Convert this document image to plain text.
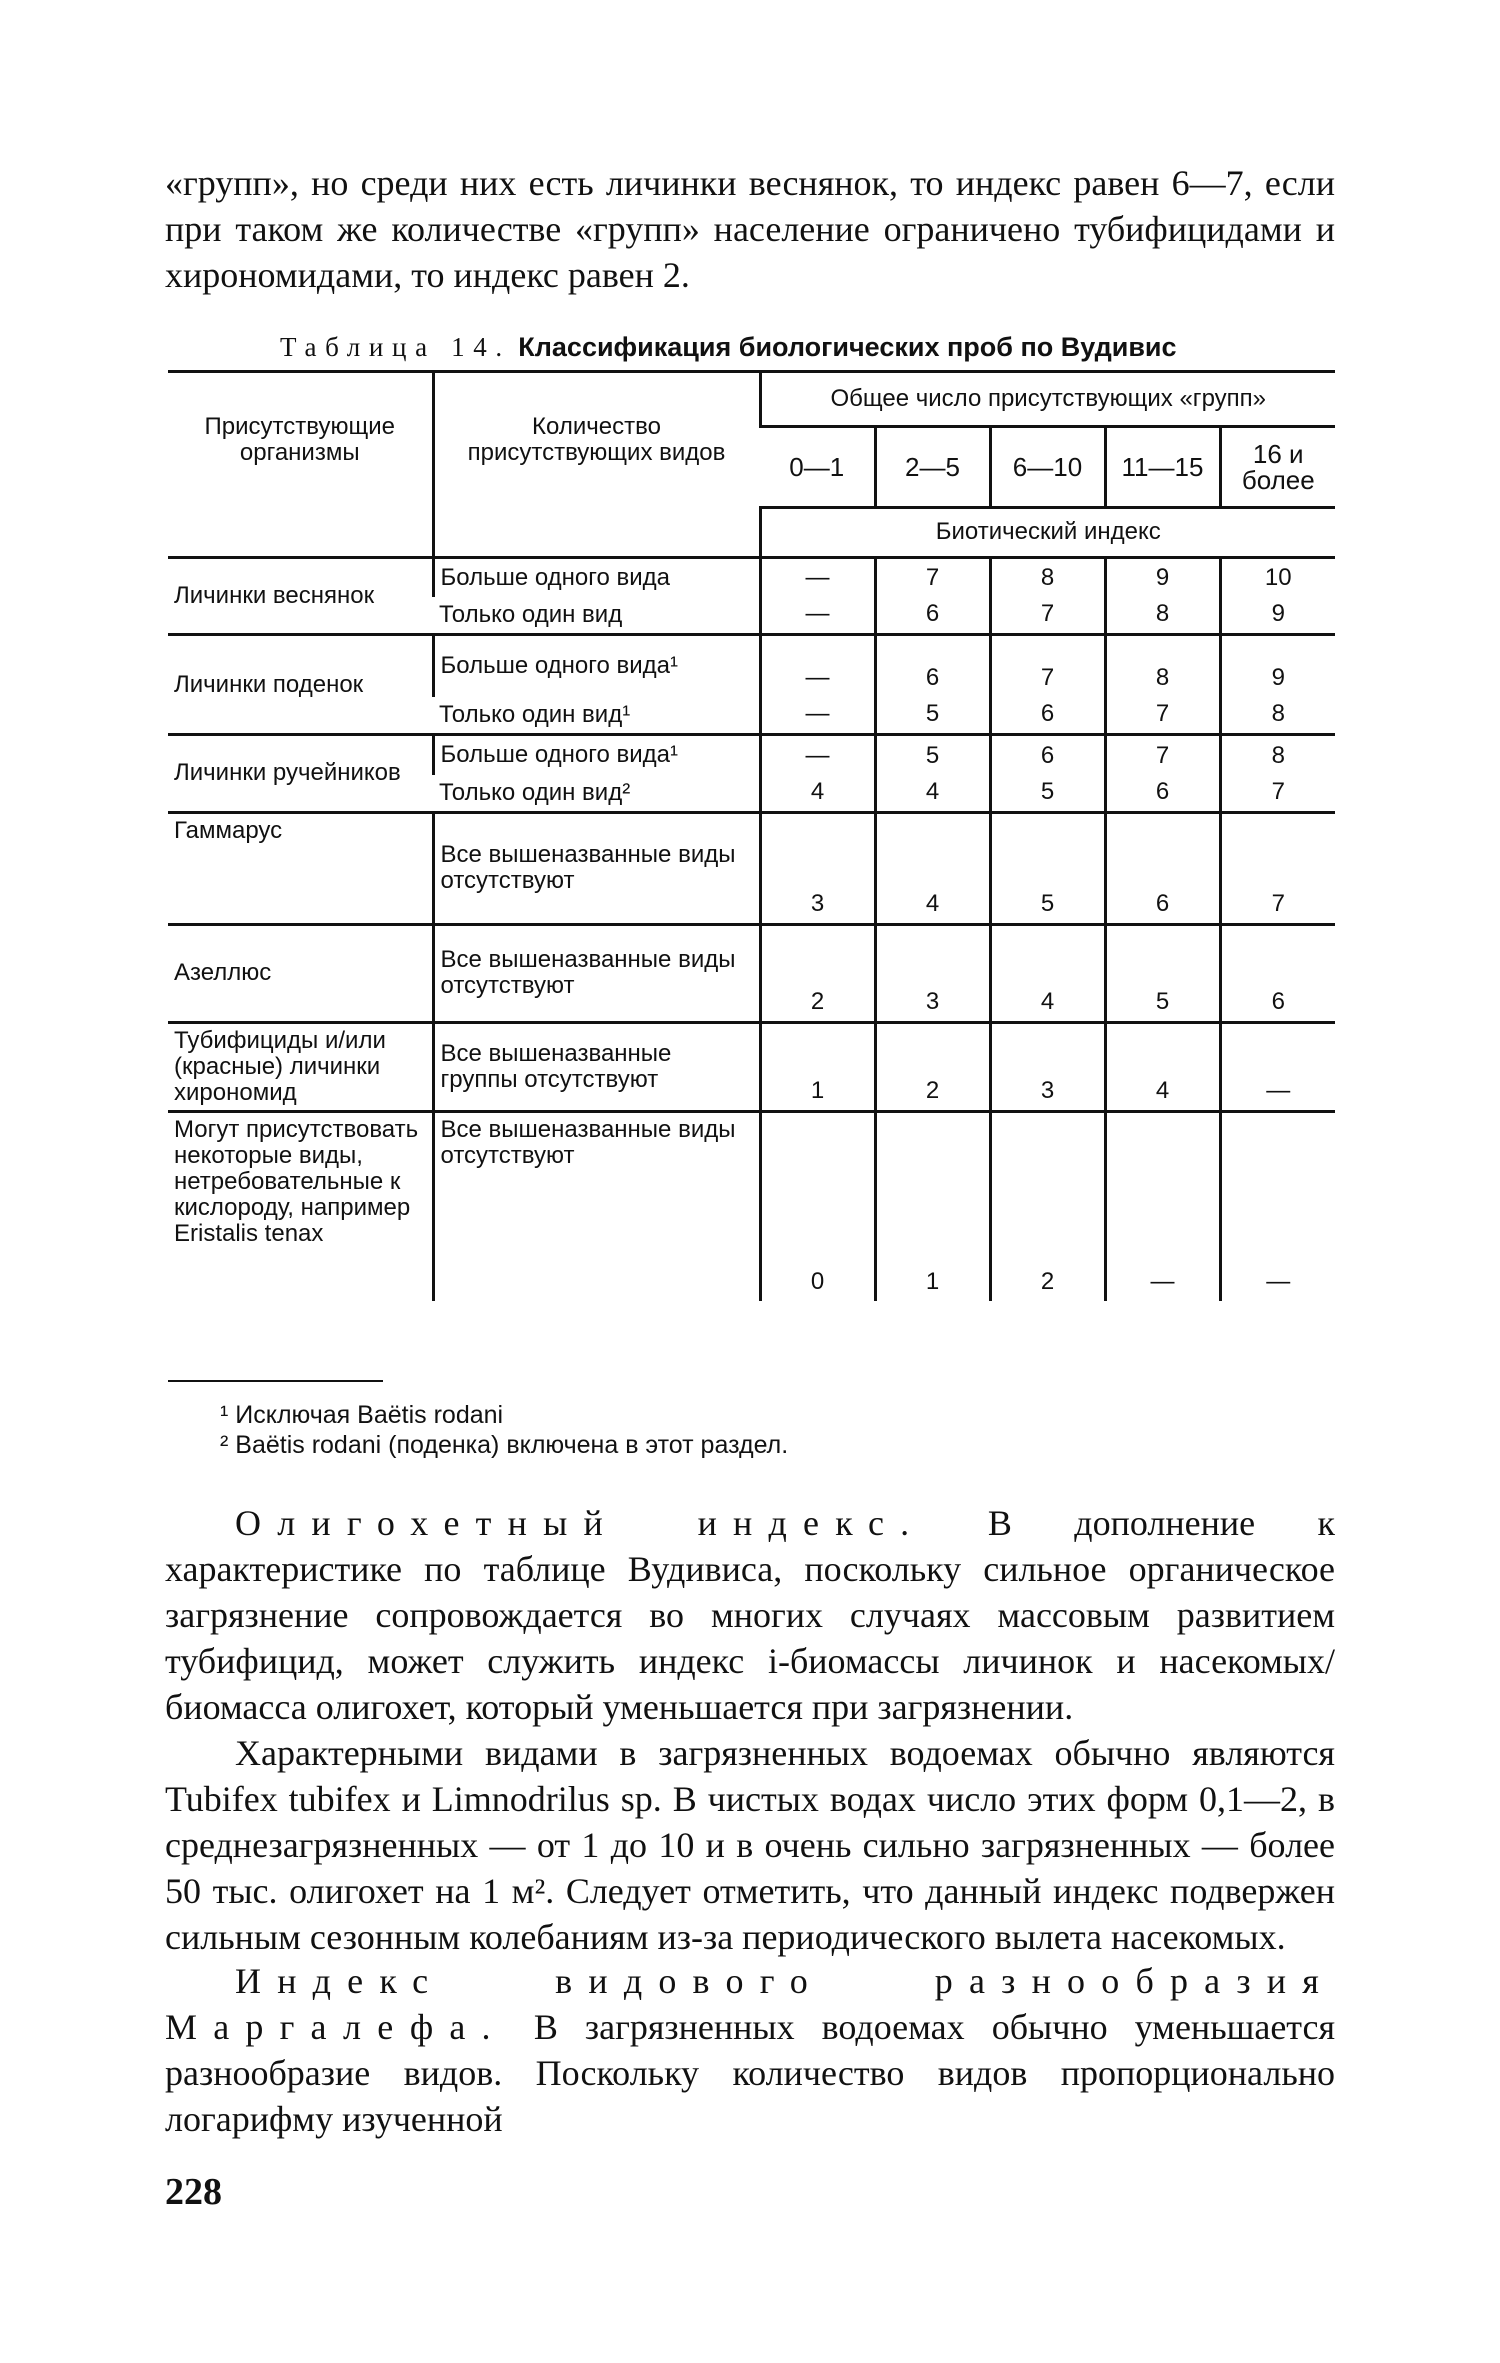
«групп», но среди них есть личинки веснянок, то индекс равен 6—7, если при таком же количестве «групп» население ограничено тубифицидами и хирономидами, то индекс равен 2.

Таблица 14. Классификация биологических проб по Вудивис
Присутствующие организмы	Количество присутствующих видов	Общее число присутствующих «групп»				
		0—1	2—5	6—10	11—15	16 и более
		Биотический индекс				
Личинки веснянок	Больше одного вида	—	7	8	9	10
	Только один вид	—	6	7	8	9
Личинки поденок	Больше одного вида¹	—	6	7	8	9
	Только один вид¹	—	5	6	7	8
Личинки ручейников	Больше одного вида¹	—	5	6	7	8
	Только один вид²	4	4	5	6	7
Гаммарус	Все вышеназванные виды отсутствуют	3	4	5	6	7
Азеллюс	Все вышеназванные виды отсутствуют	2	3	4	5	6
Тубифициды и/или (красные) личинки хирономид	Все вышеназванные группы отсутствуют	1	2	3	4	—
Могут присутствовать некоторые виды, нетребовательные к кислороду, например Eristalis tenax	Все вышеназванные виды отсутствуют	0	1	2	—	—
¹ Исключая Baëtis rodani
² Baëtis rodani (поденка) включена в этот раздел.

Олигохетный индекс. В дополнение к характеристике по таблице Вудивиса, поскольку сильное органическое загрязнение сопровождается во многих случаях массовым развитием тубифицид, может служить индекс i-биомассы личинок и насекомых/биомасса олигохет, который уменьшается при загрязнении.

Характерными видами в загрязненных водоемах обычно являются Tubifex tubifex и Limnodrilus sp. В чистых водах число этих форм 0,1—2, в среднезагрязненных — от 1 до 10 и в очень сильно загрязненных — более 50 тыс. олигохет на 1 м². Следует отметить, что данный индекс подвержен сильным сезонным колебаниям из-за периодического вылета насекомых.

Индекс видового разнообразия Маргалефа. В загрязненных водоемах обычно уменьшается разнообразие видов. Поскольку количество видов пропорционально логарифму изученной

228
